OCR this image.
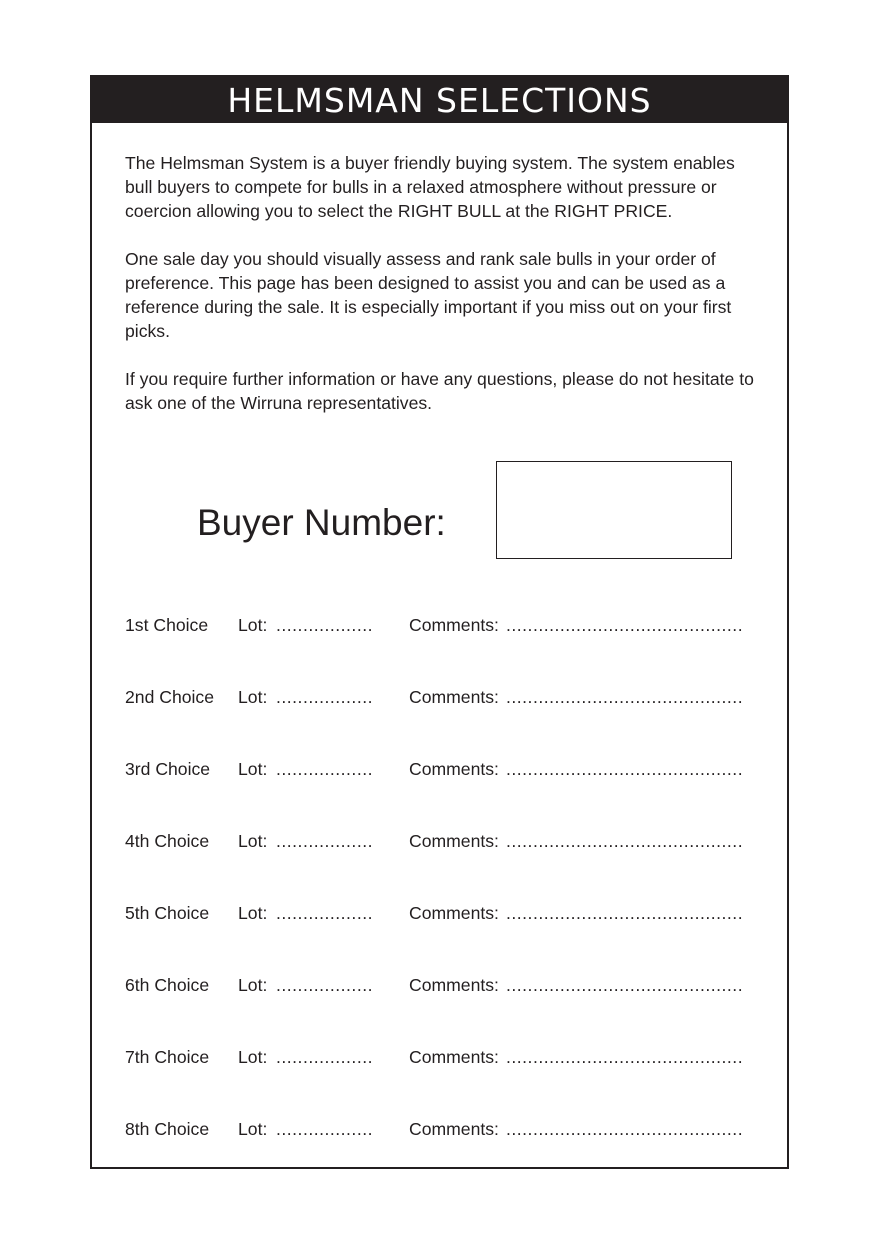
HELMSMAN SELECTIONS

The Helmsman System is a buyer friendly buying system. The system enables bull buyers to compete for bulls in a relaxed atmosphere without pressure or coercion allowing you to select the RIGHT BULL at the RIGHT PRICE.

One sale day you should visually assess and rank sale bulls in your order of preference. This page has been designed to assist you and can be used as a reference during the sale. It is especially important if you miss out on your first picks.

If you require further information or have any questions, please do not hesitate to ask one of the Wirruna representatives.

Buyer Number:
1st Choice Lot: .................. Comments: ............................................
2nd Choice Lot: .................. Comments: ............................................
3rd Choice Lot: .................. Comments: ............................................
4th Choice Lot: .................. Comments: ............................................
5th Choice Lot: .................. Comments: ............................................
6th Choice Lot: .................. Comments: ............................................
7th Choice Lot: .................. Comments: ............................................
8th Choice Lot: .................. Comments: ............................................
